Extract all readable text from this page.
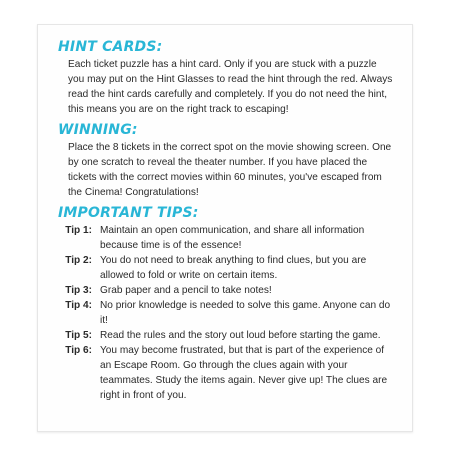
HINT CARDS:

Each ticket puzzle has a hint card. Only if you are stuck with a puzzle you may put on the Hint Glasses to read the hint through the red. Always read the hint cards carefully and completely. If you do not need the hint, this means you are on the right track to escaping!

WINNING:

Place the 8 tickets in the correct spot on the movie showing screen. One by one scratch to reveal the theater number. If you have placed the tickets with the correct movies within 60 minutes, you've escaped from the Cinema! Congratulations!

IMPORTANT TIPS:
Tip 1: Maintain an open communication, and share all information because time is of the essence!
Tip 2: You do not need to break anything to find clues, but you are allowed to fold or write on certain items.
Tip 3: Grab paper and a pencil to take notes!
Tip 4: No prior knowledge is needed to solve this game. Anyone can do it!
Tip 5: Read the rules and the story out loud before starting the game.
Tip 6: You may become frustrated, but that is part of the experience of an Escape Room. Go through the clues again with your teammates. Study the items again. Never give up! The clues are right in front of you.
